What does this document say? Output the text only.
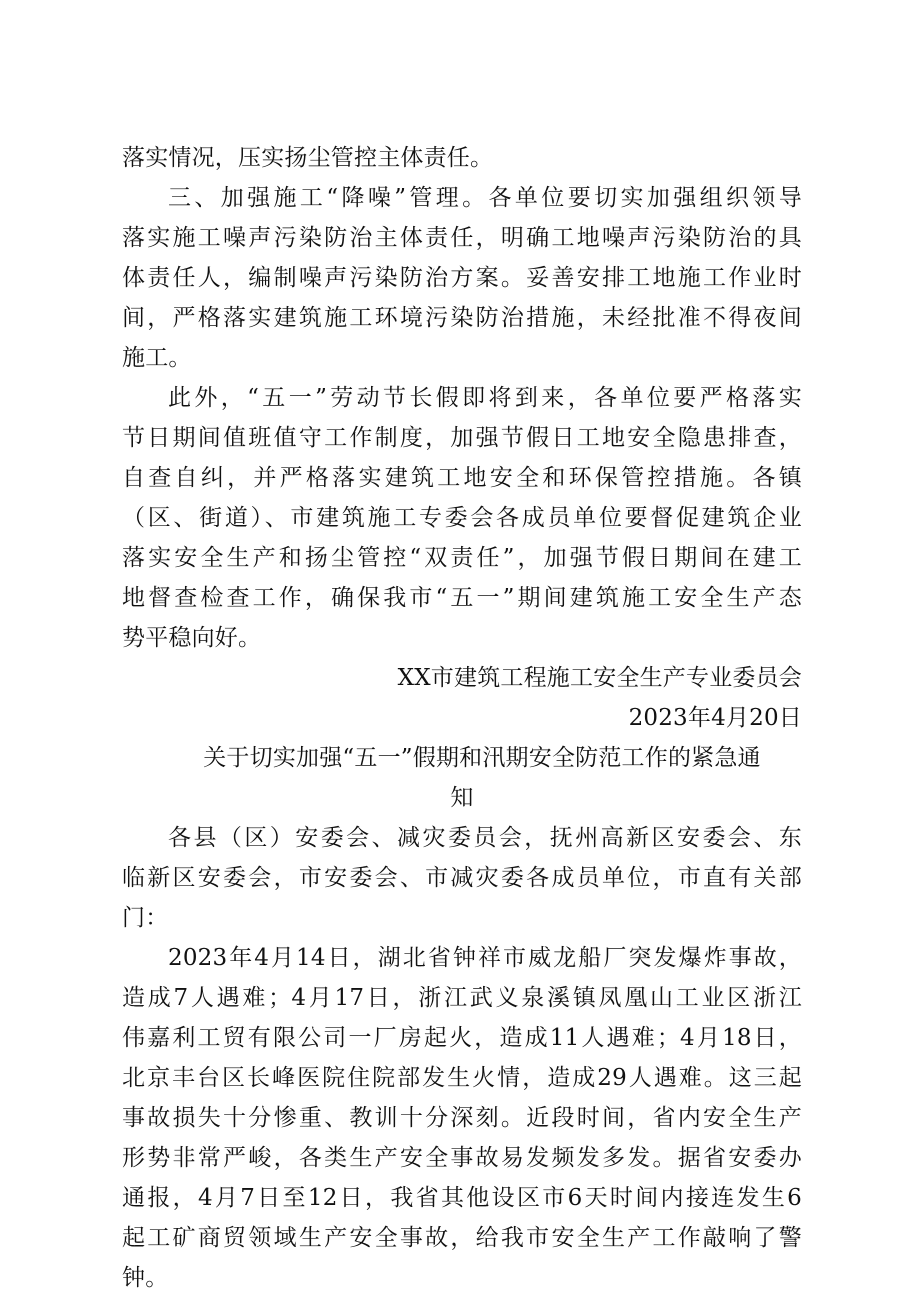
落实情况，压实扬尘管控主体责任。
三、加强施工“降噪”管理。各单位要切实加强组织领导
落实施工噪声污染防治主体责任，明确工地噪声污染防治的具
体责任人，编制噪声污染防治方案。妥善安排工地施工作业时
间，严格落实建筑施工环境污染防治措施，未经批准不得夜间
施工。
此外，“五一”劳动节长假即将到来，各单位要严格落实
节日期间值班值守工作制度，加强节假日工地安全隐患排查，
自查自纠，并严格落实建筑工地安全和环保管控措施。各镇
（区、街道）、市建筑施工专委会各成员单位要督促建筑企业
落实安全生产和扬尘管控“双责任”，加强节假日期间在建工
地督查检查工作，确保我市“五一”期间建筑施工安全生产态
势平稳向好。
XX市建筑工程施工安全生产专业委员会
2023年4月20日
关于切实加强“五一”假期和汛期安全防范工作的紧急通
知
各县（区）安委会、减灾委员会，抚州高新区安委会、东
临新区安委会，市安委会、市减灾委各成员单位，市直有关部
门：
2023年4月14日，湖北省钟祥市威龙船厂突发爆炸事故，
造成7人遇难；4月17日，浙江武义泉溪镇凤凰山工业区浙江
伟嘉利工贸有限公司一厂房起火，造成11人遇难；4月18日，
北京丰台区长峰医院住院部发生火情，造成29人遇难。这三起
事故损失十分惨重、教训十分深刻。近段时间，省内安全生产
形势非常严峻，各类生产安全事故易发频发多发。据省安委办
通报，4月7日至12日，我省其他设区市6天时间内接连发生6
起工矿商贸领域生产安全事故，给我市安全生产工作敲响了警
钟。
